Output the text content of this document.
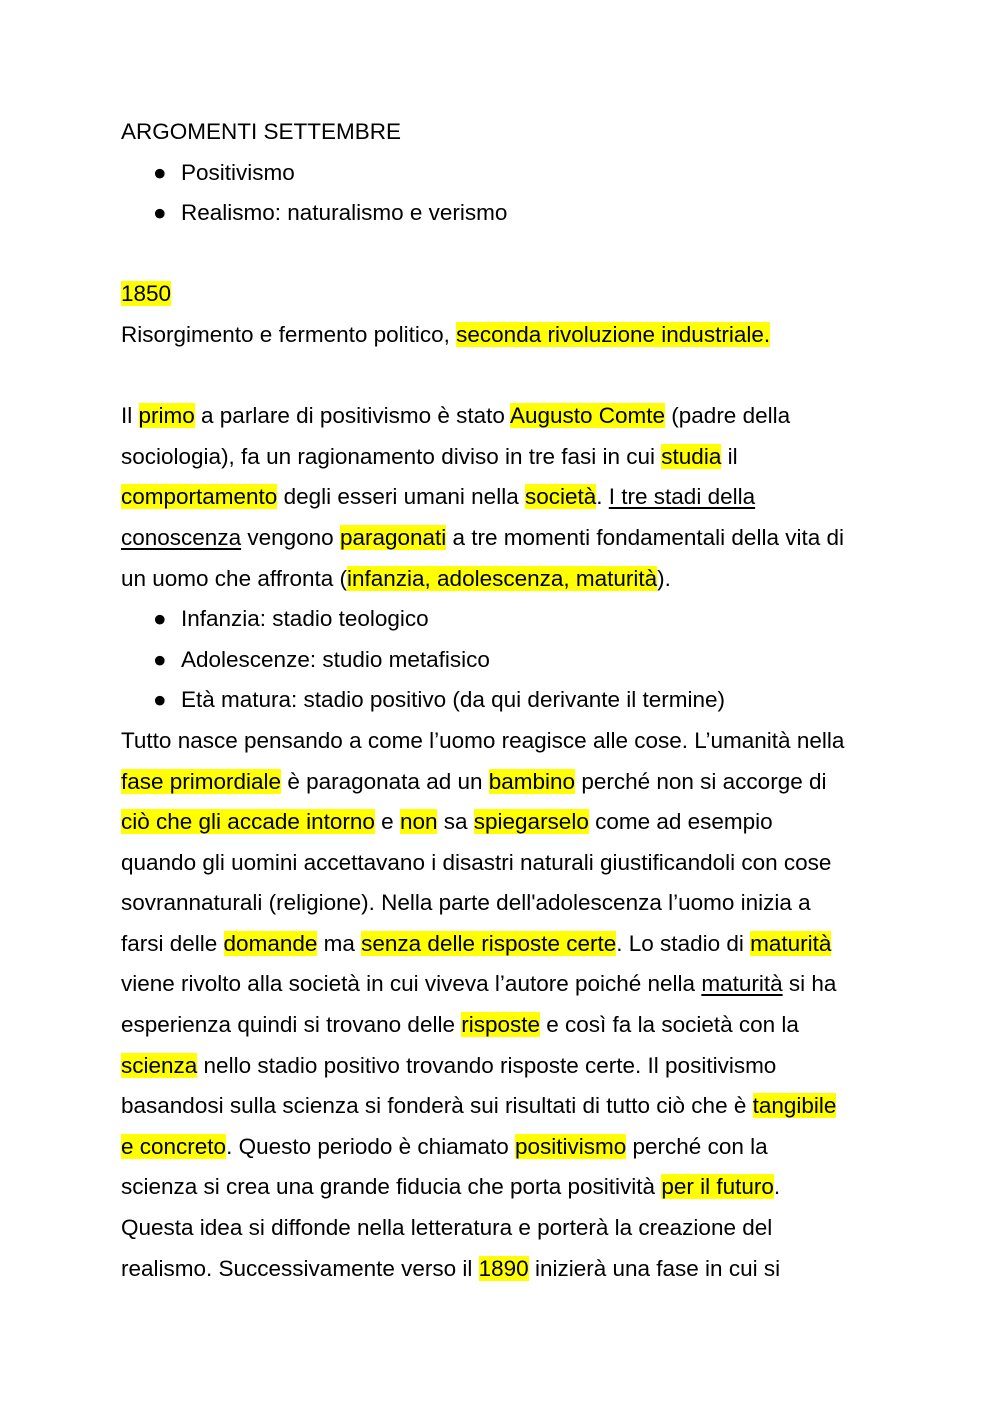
ARGOMENTI SETTEMBRE
● Positivismo
● Realismo: naturalismo e verismo
1850
Risorgimento e fermento politico, seconda rivoluzione industriale.
Il primo a parlare di positivismo è stato Augusto Comte (padre della
sociologia), fa un ragionamento diviso in tre fasi in cui studia il
comportamento degli esseri umani nella società. I tre stadi della
conoscenza vengono paragonati a tre momenti fondamentali della vita di
un uomo che affronta (infanzia, adolescenza, maturità).
● Infanzia: stadio teologico
● Adolescenze: studio metafisico
● Età matura: stadio positivo (da qui derivante il termine)
Tutto nasce pensando a come l’uomo reagisce alle cose. L’umanità nella
fase primordiale è paragonata ad un bambino perché non si accorge di
ciò che gli accade intorno e non sa spiegarselo come ad esempio
quando gli uomini accettavano i disastri naturali giustificandoli con cose
sovrannaturali (religione). Nella parte dell'adolescenza l’uomo inizia a
farsi delle domande ma senza delle risposte certe. Lo stadio di maturità
viene rivolto alla società in cui viveva l’autore poiché nella maturità si ha
esperienza quindi si trovano delle risposte e così fa la società con la
scienza nello stadio positivo trovando risposte certe. Il positivismo
basandosi sulla scienza si fonderà sui risultati di tutto ciò che è tangibile
e concreto. Questo periodo è chiamato positivismo perché con la
scienza si crea una grande fiducia che porta positività per il futuro.
Questa idea si diffonde nella letteratura e porterà la creazione del
realismo. Successivamente verso il 1890 inizierà una fase in cui si
